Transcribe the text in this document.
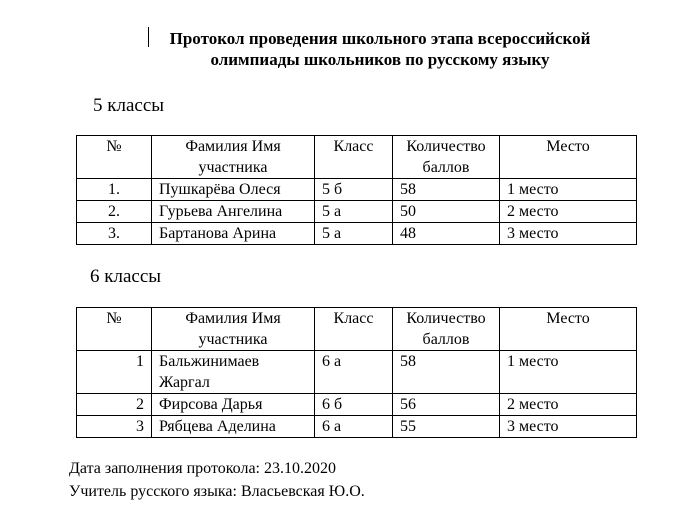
Протокол проведения школьного этапа всероссийской
олимпиады школьников по русскому языку
5 классы
№	Фамилия Имя участника	Класс	Количество баллов	Место
1.	Пушкарёва Олеся	5 б	58	1 место
2.	Гурьева Ангелина	5 а	50	2 место
3.	Бартанова Арина	5 а	48	3 место
6 классы
№	Фамилия Имя участника	Класс	Количество баллов	Место
1	Бальжинимаев Жаргал	6 а	58	1 место
2	Фирсова Дарья	6 б	56	2 место
3	Рябцева Аделина	6 а	55	3 место
Дата заполнения протокола: 23.10.2020
Учитель русского языка: Власьевская Ю.О.
